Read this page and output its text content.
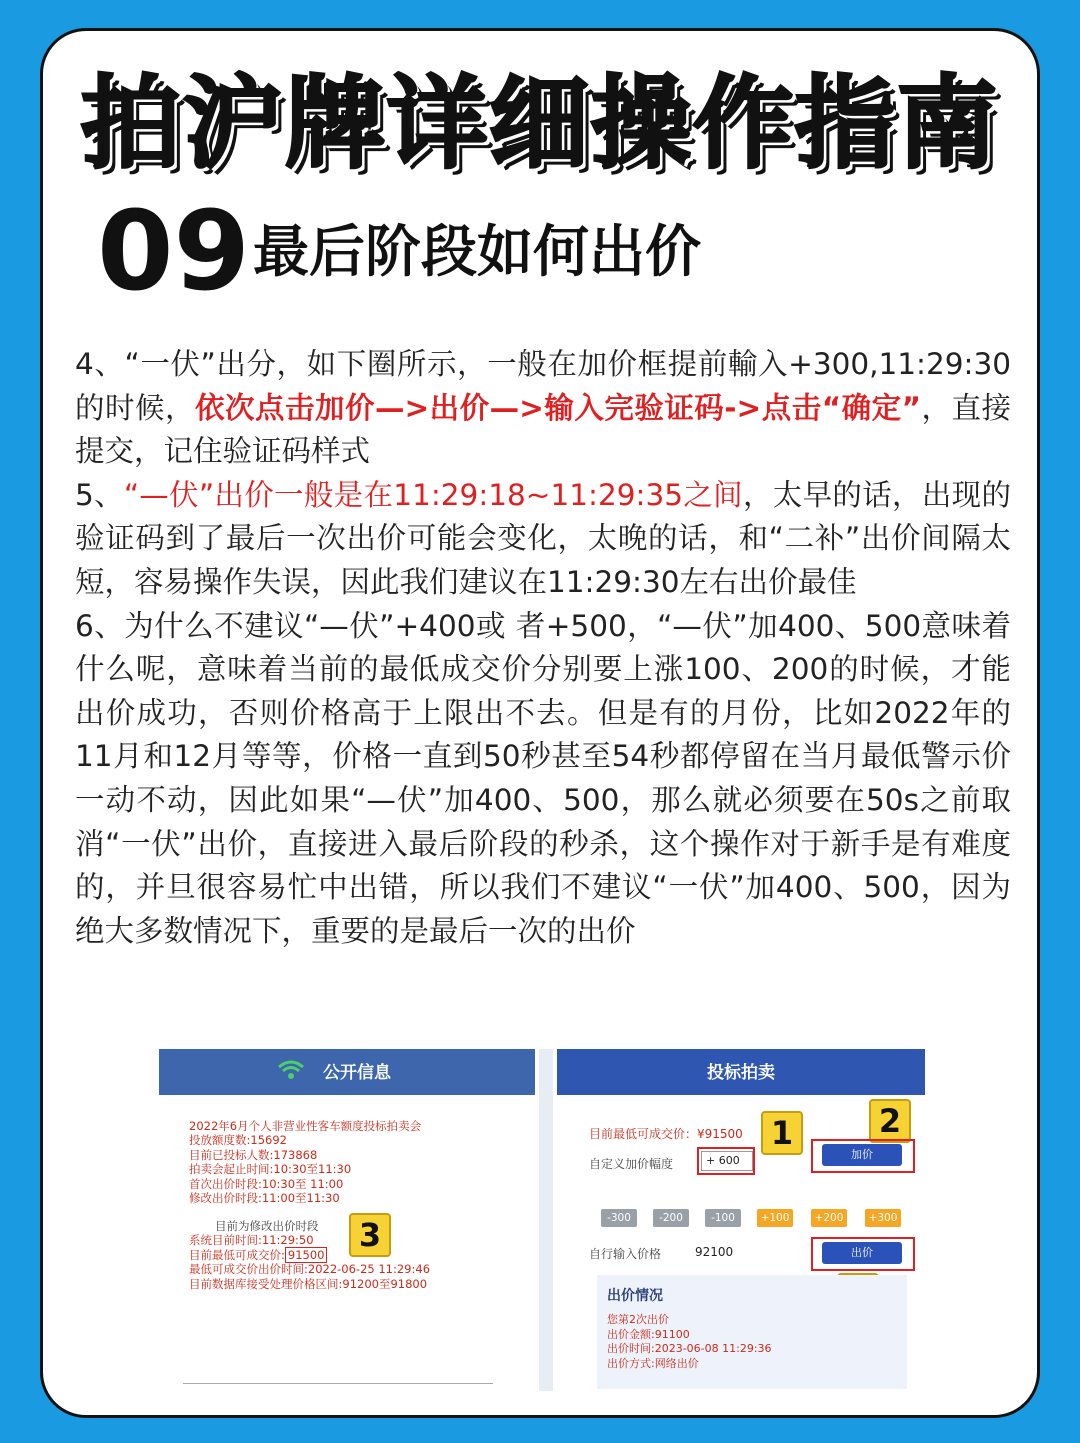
拍沪牌详细操作指南
09 最后阶段如何出价

4、“一伏”出分，如下圈所示，一般在加价框提前輸入+300,11:29:30的时候，依次点击加价—>出价—>输入完验证码->点击“确定”，直接提交，记住验证码样式

5、“—伏”出价一般是在11:29:18~11:29:35之间，太早的话，出现的验证码到了最后一次出价可能会变化，太晚的话，和“二补”出价间隔太短，容易操作失误，因此我们建议在11:29:30左右出价最佳

6、为什么不建议“—伏”+400或 者+500，“—伏”加400、500意味着什么呢，意味着当前的最低成交价分别要上涨100、200的时候，才能出价成功，否则价格高于上限出不去。但是有的月份，比如2022年的11月和12月等等，价格一直到50秒甚至54秒都停留在当月最低警示价一动不动，因此如果“—伏”加400、500，那么就必须要在50s之前取消“一伏”出价，直接进入最后阶段的秒杀，这个操作对于新手是有难度的，并旦很容易忙中出错，所以我们不建议“一伏”加400、500，因为绝大多数情况下，重要的是最后一次的出价

公开信息
2022年6月个人非营业性客车额度投标拍卖会
投放额度数:15692
目前已投标人数:173868
拍卖会起止时间:10:30至11:30
首次出价时段:10:30至 11:00
修改出价时段:11:00至11:30
目前为修改出价时段
系统目前时间:11:29:50
目前最低可成交价: 91500
最低可成交价出价时间:2022-06-25 11:29:46
目前数据库接受处理价格区间:91200至91800
3
投标拍卖
目前最低可成交价：¥91500 1	2
自定义加价幅度	+ 600	加价
-300	-200	-100	+100	+200	+300
自行输入价格	92100	出价
出价情况
您第2次出价
出价金额:91100
出价时间:2023-06-08 11:29:36
出价方式:网络出价
